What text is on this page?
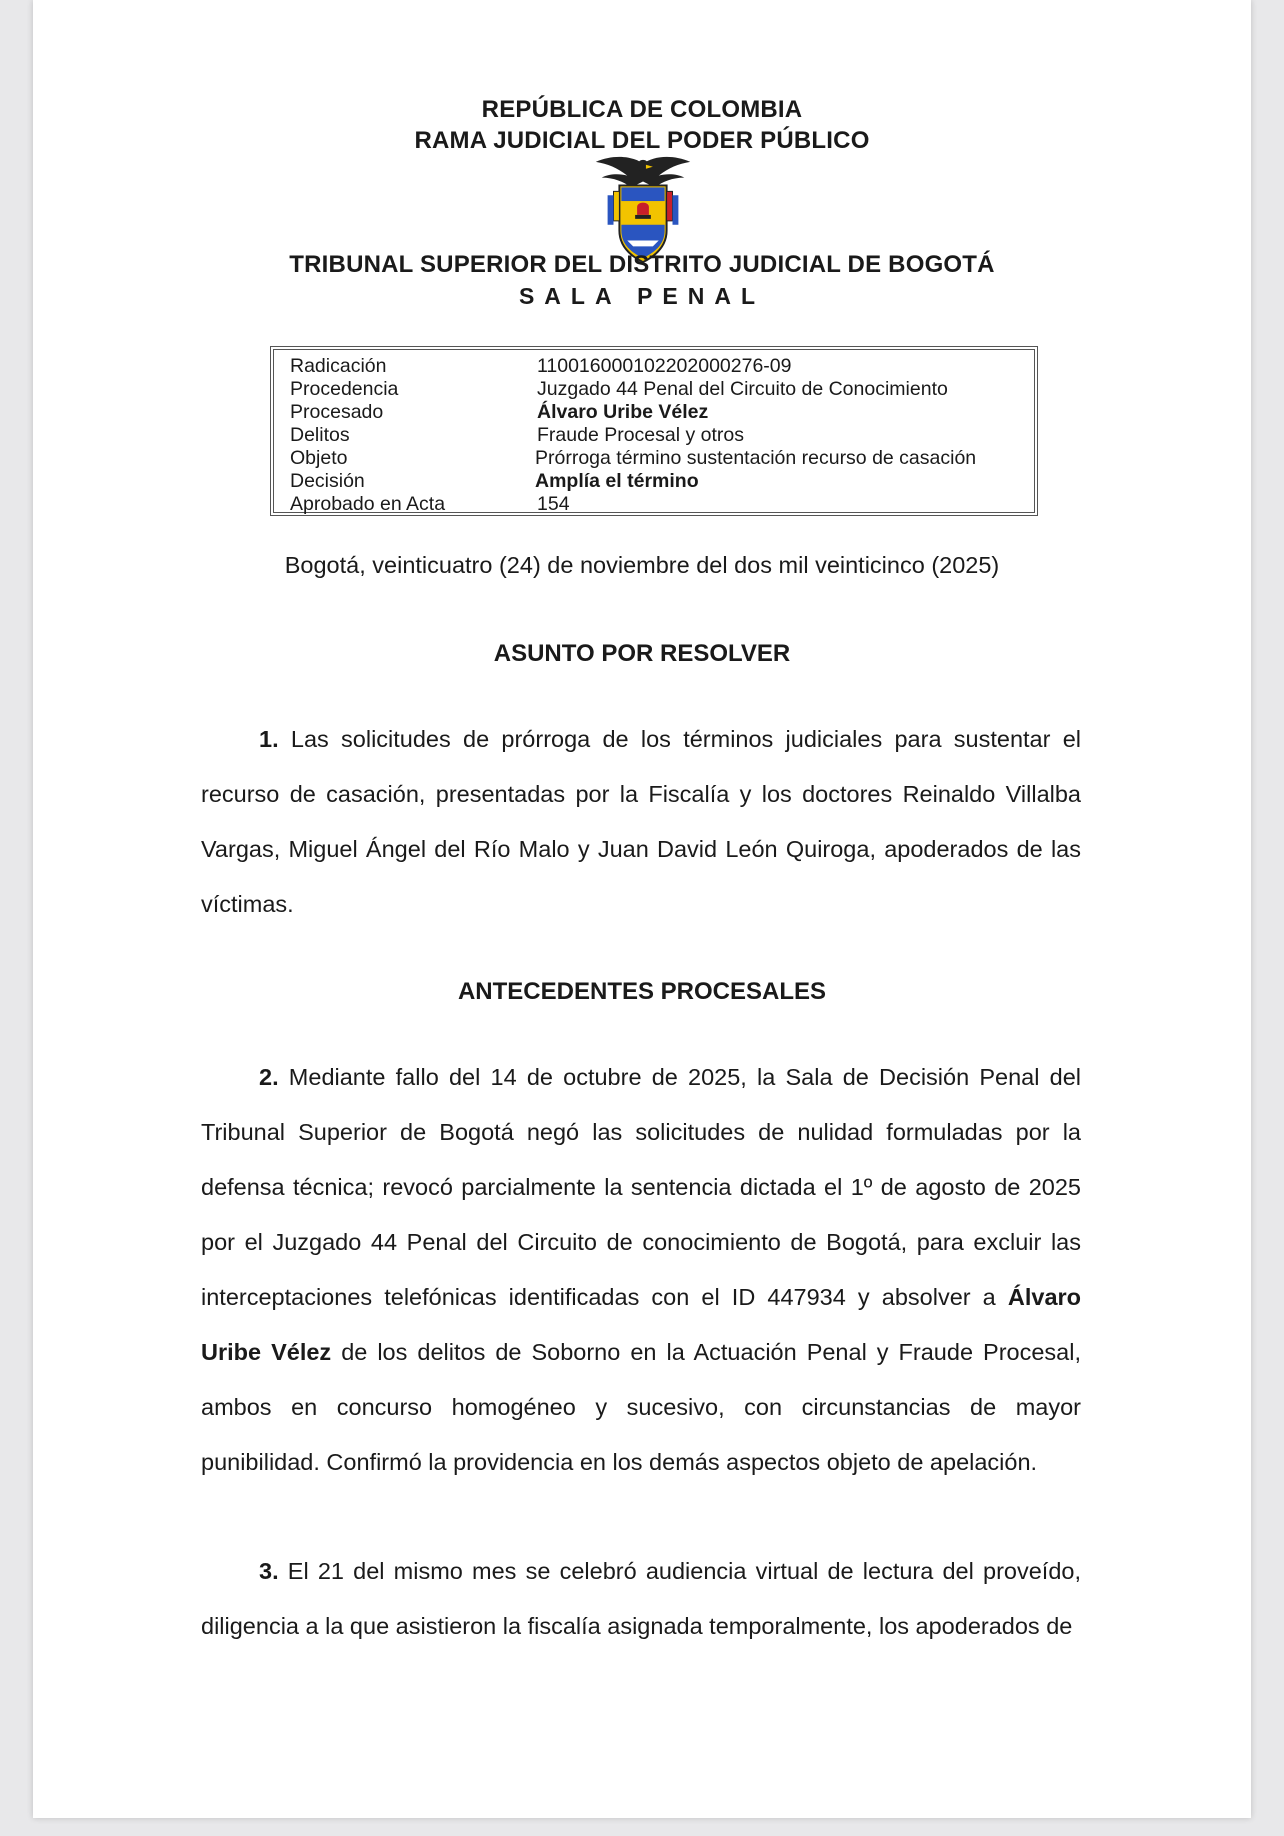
REPÚBLICA DE COLOMBIA
RAMA JUDICIAL DEL PODER PÚBLICO
TRIBUNAL SUPERIOR DEL DISTRITO JUDICIAL DE BOGOTÁ
SALA PENAL
Radicación	110016000102202000276-09
Procedencia	Juzgado 44 Penal del Circuito de Conocimiento
Procesado	Álvaro Uribe Vélez
Delitos	Fraude Procesal y otros
Objeto	Prórroga término sustentación recurso de casación
Decisión	Amplía el término
Aprobado en Acta	154
Bogotá, veinticuatro (24) de noviembre del dos mil veinticinco (2025)
ASUNTO POR RESOLVER

1. Las solicitudes de prórroga de los términos judiciales para sustentar el recurso de casación, presentadas por la Fiscalía y los doctores Reinaldo Villalba Vargas, Miguel Ángel del Río Malo y Juan David León Quiroga, apoderados de las víctimas.

ANTECEDENTES PROCESALES

2. Mediante fallo del 14 de octubre de 2025, la Sala de Decisión Penal del Tribunal Superior de Bogotá negó las solicitudes de nulidad formuladas por la defensa técnica; revocó parcialmente la sentencia dictada el 1º de agosto de 2025 por el Juzgado 44 Penal del Circuito de conocimiento de Bogotá, para excluir las interceptaciones telefónicas identificadas con el ID 447934 y absolver a Álvaro Uribe Vélez de los delitos de Soborno en la Actuación Penal y Fraude Procesal, ambos en concurso homogéneo y sucesivo, con circunstancias de mayor punibilidad. Confirmó la providencia en los demás aspectos objeto de apelación.

3. El 21 del mismo mes se celebró audiencia virtual de lectura del proveído, diligencia a la que asistieron la fiscalía asignada temporalmente, los apoderados de
